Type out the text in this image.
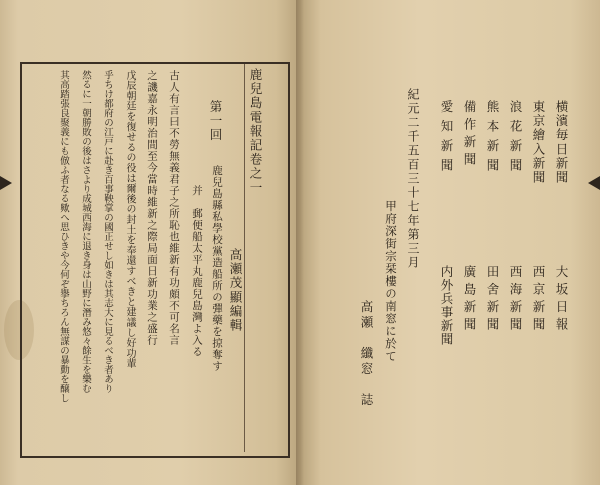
鹿兒島電報記卷之一
高瀬茂顯編輯
第一回
鹿兒島縣私學校黨造船所の彈藥を掠奪す
并　郵便船太平丸鹿兒島灣よ入る
古人有言曰不勞無義君子之所恥也維新有功頗不可名言
之譏嘉永明治間至今當時維新之際局面日新功業之盛行
戊辰朝廷を復せるの役は爾後の封土を奉還すべきと建議し好功輩
乎ちけ都府の江戸に赴き百事鞅掌の國正せし如きは其志大に見るべき者あり
然るに一朝勝敗の後はさより成城西海に退き身は山野に潛み悠々餘生を樂む
其高踏張良聚義にも倣ふ者なる歟へ思ひきや今何ぞ擧ちろん無謀の暴動を醸し	横濱毎日新聞
東京繪入新聞
浪花新聞
熊本新聞
備作新聞
愛知新聞
大坂日報
西京新聞
西海新聞
田舍新聞
廣島新聞
内外兵事新聞
紀元二千五百三十七年第三月
甲府深街宗栞樓の南窓に於て
高瀬　纖窓　誌
